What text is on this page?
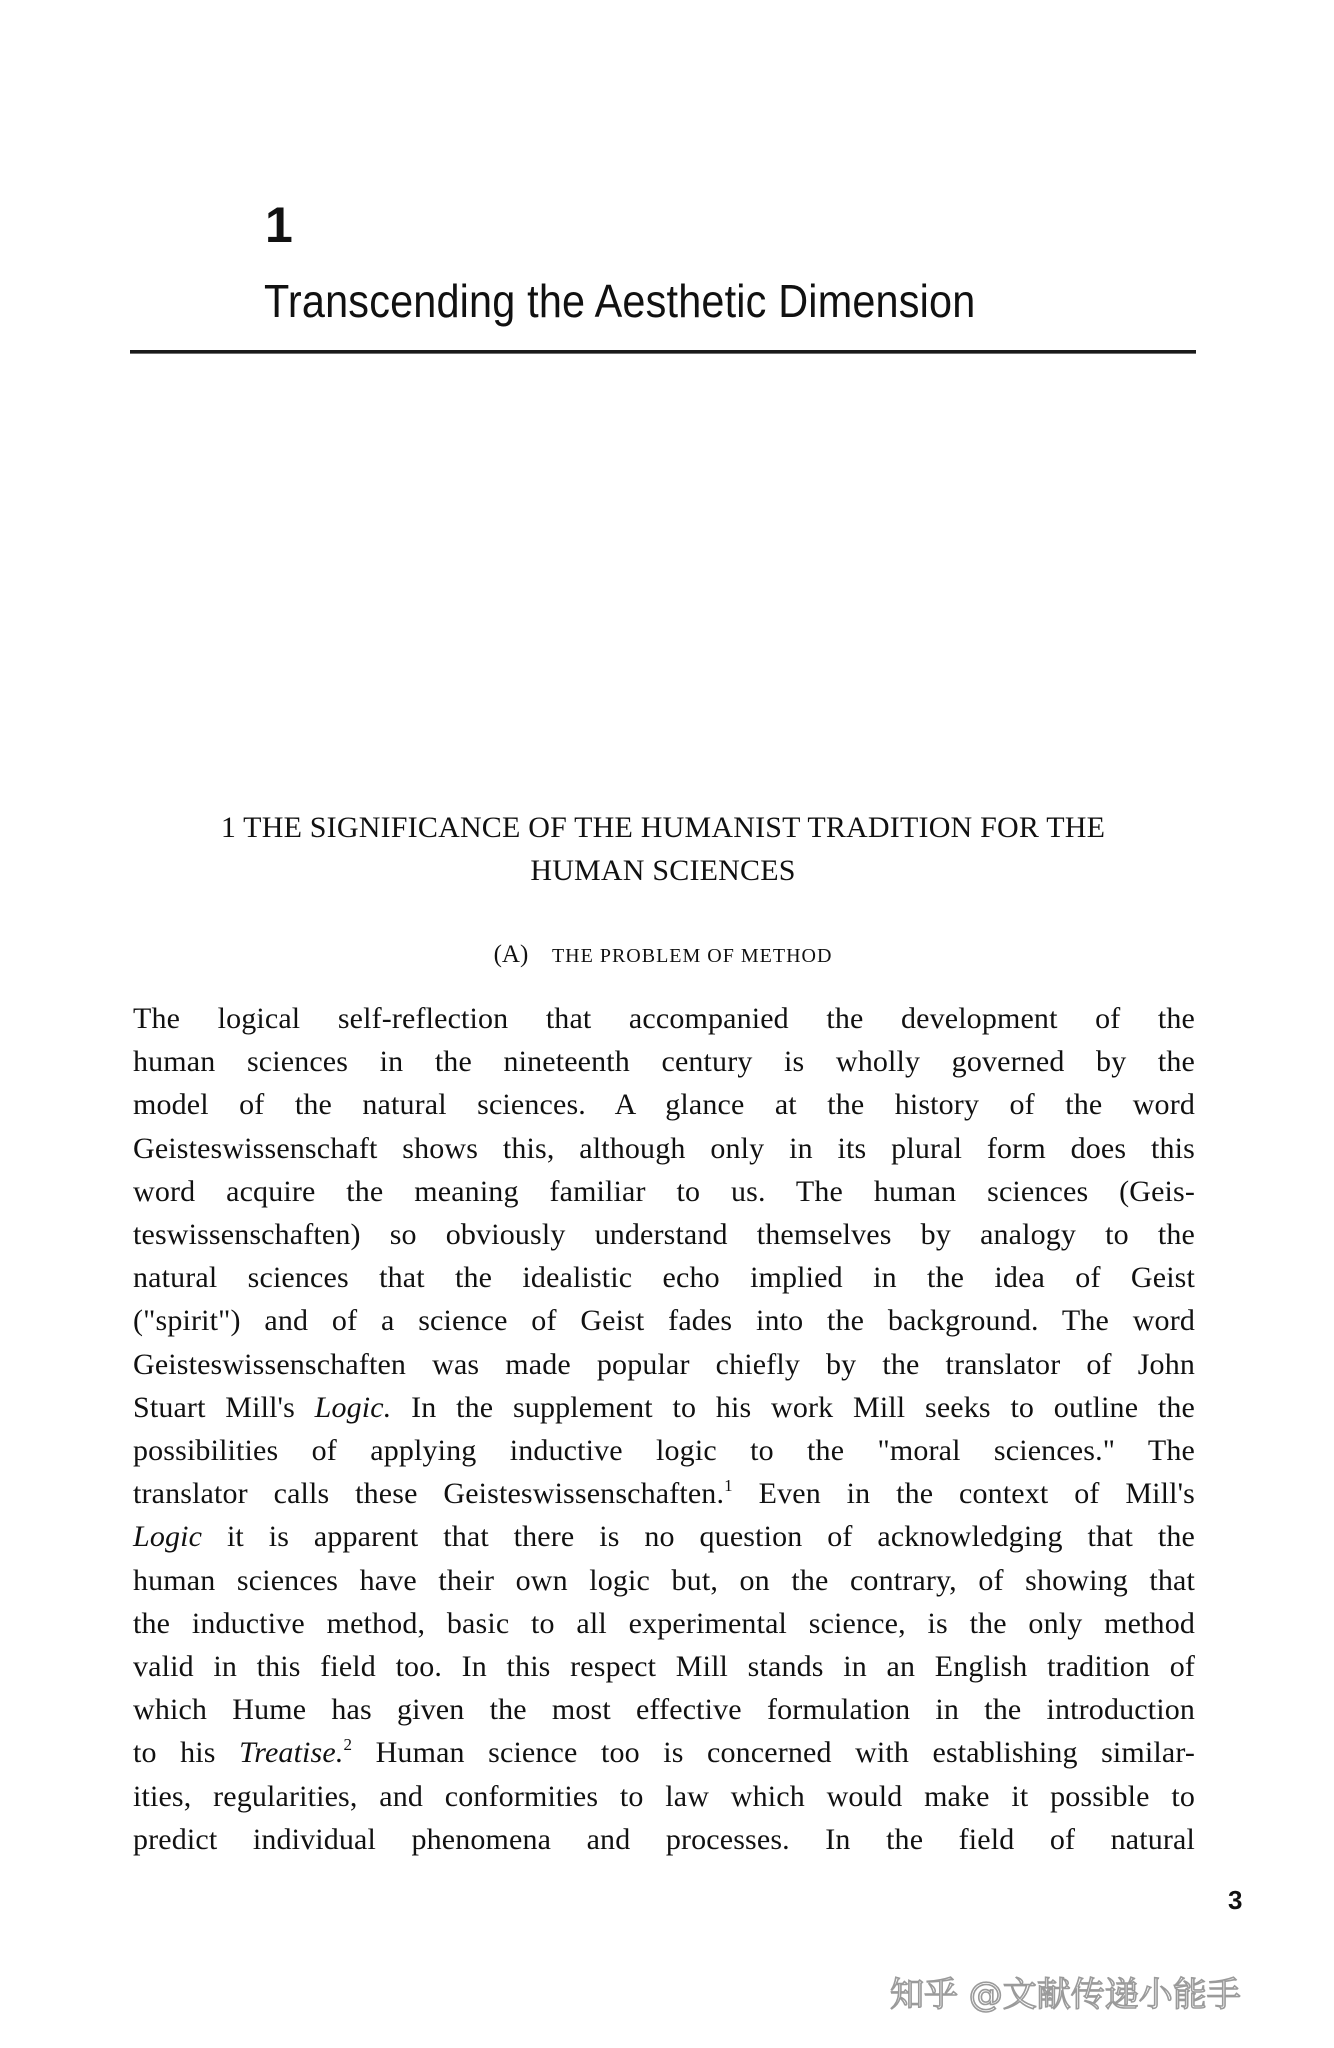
1
Transcending the Aesthetic Dimension
1 THE SIGNIFICANCE OF THE HUMANIST TRADITION FOR THE
HUMAN SCIENCES
(A) THE PROBLEM OF METHOD
The logical self-reflection that accompanied the development of the
human sciences in the nineteenth century is wholly governed by the
model of the natural sciences. A glance at the history of the word
Geisteswissenschaft shows this, although only in its plural form does this
word acquire the meaning familiar to us. The human sciences (Geis-
teswissenschaften) so obviously understand themselves by analogy to the
natural sciences that the idealistic echo implied in the idea of Geist
("spirit") and of a science of Geist fades into the background. The word
Geisteswissenschaften was made popular chiefly by the translator of John
Stuart Mill's Logic. In the supplement to his work Mill seeks to outline the
possibilities of applying inductive logic to the "moral sciences." The
translator calls these Geisteswissenschaften.$^1$ Even in the context of Mill's
Logic it is apparent that there is no question of acknowledging that the
human sciences have their own logic but, on the contrary, of showing that
the inductive method, basic to all experimental science, is the only method
valid in this field too. In this respect Mill stands in an English tradition of
which Hume has given the most effective formulation in the introduction
to his Treatise.$^2$ Human science too is concerned with establishing similar-
ities, regularities, and conformities to law which would make it possible to
predict individual phenomena and processes. In the field of natural
3
知乎 @文献传递小能手
